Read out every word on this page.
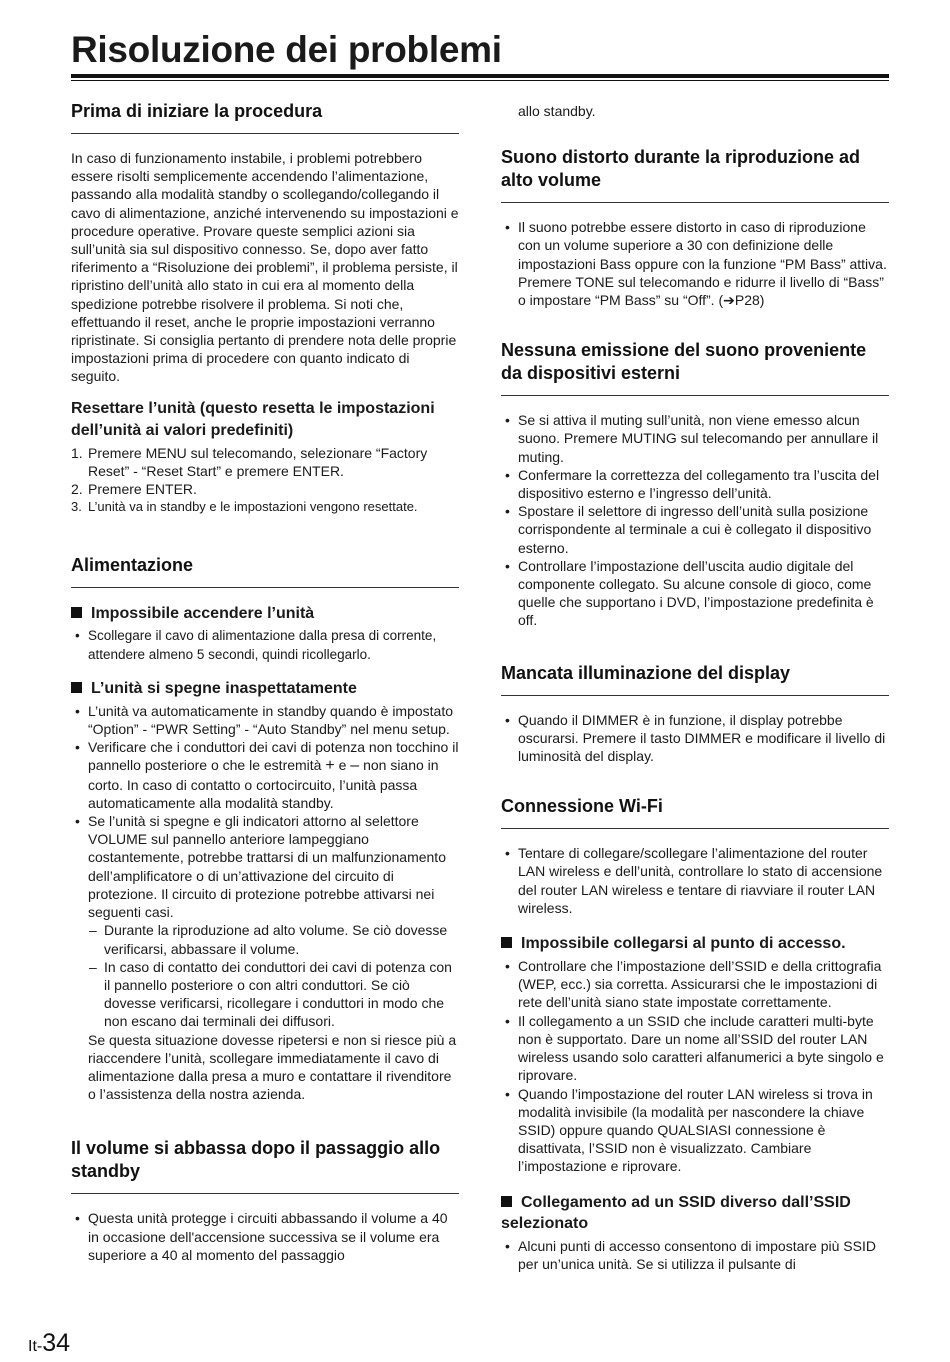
Risoluzione dei problemi
Prima di iniziare la procedura

In caso di funzionamento instabile, i problemi potrebbero essere risolti semplicemente accendendo l’alimentazione, passando alla modalità standby o scollegando/collegando il cavo di alimentazione, anziché intervenendo su impostazioni e procedure operative. Provare queste semplici azioni sia sull’unità sia sul dispositivo connesso. Se, dopo aver fatto riferimento a “Risoluzione dei problemi”, il problema persiste, il ripristino dell’unità allo stato in cui era al momento della spedizione potrebbe risolvere il problema. Si noti che, effettuando il reset, anche le proprie impostazioni verranno ripristinate. Si consiglia pertanto di prendere nota delle proprie impostazioni prima di procedere con quanto indicato di seguito.

Resettare l’unità (questo resetta le impostazioni dell’unità ai valori predefiniti)
1. Premere MENU sul telecomando, selezionare “Factory Reset” - “Reset Start” e premere ENTER.
2. Premere ENTER.
3. L’unità va in standby e le impostazioni vengono resettate.
Alimentazione
Impossibile accendere l’unità
• Scollegare il cavo di alimentazione dalla presa di corrente, attendere almeno 5 secondi, quindi ricollegarlo.
L’unità si spegne inaspettatamente
• L’unità va automaticamente in standby quando è impostato “Option” - “PWR Setting” - “Auto Standby” nel menu setup.
• Verificare che i conduttori dei cavi di potenza non tocchino il pannello posteriore o che le estremità + e – non siano in corto. In caso di contatto o cortocircuito, l’unità passa automaticamente alla modalità standby.
• Se l’unità si spegne e gli indicatori attorno al selettore VOLUME sul pannello anteriore lampeggiano costantemente, potrebbe trattarsi di un malfunzionamento dell’amplificatore o di un’attivazione del circuito di protezione. Il circuito di protezione potrebbe attivarsi nei seguenti casi.
– Durante la riproduzione ad alto volume. Se ciò dovesse verificarsi, abbassare il volume.
– In caso di contatto dei conduttori dei cavi di potenza con il pannello posteriore o con altri conduttori. Se ciò dovesse verificarsi, ricollegare i conduttori in modo che non escano dai terminali dei diffusori.

Se questa situazione dovesse ripetersi e non si riesce più a riaccendere l’unità, scollegare immediatamente il cavo di alimentazione dalla presa a muro e contattare il rivenditore o l’assistenza della nostra azienda.

Il volume si abbassa dopo il passaggio allo standby
• Questa unità protegge i circuiti abbassando il volume a 40 in occasione dell'accensione successiva se il volume era superiore a 40 al momento del passaggio
allo standby.
Suono distorto durante la riproduzione ad alto volume
• Il suono potrebbe essere distorto in caso di riproduzione con un volume superiore a 30 con definizione delle impostazioni Bass oppure con la funzione “PM Bass” attiva. Premere TONE sul telecomando e ridurre il livello di “Bass” o impostare “PM Bass” su “Off”. (➔P28)
Nessuna emissione del suono proveniente da dispositivi esterni
• Se si attiva il muting sull’unità, non viene emesso alcun suono. Premere MUTING sul telecomando per annullare il muting.
• Confermare la correttezza del collegamento tra l’uscita del dispositivo esterno e l’ingresso dell’unità.
• Spostare il selettore di ingresso dell’unità sulla posizione corrispondente al terminale a cui è collegato il dispositivo esterno.
• Controllare l’impostazione dell’uscita audio digitale del componente collegato. Su alcune console di gioco, come quelle che supportano i DVD, l’impostazione predefinita è off.
Mancata illuminazione del display
• Quando il DIMMER è in funzione, il display potrebbe oscurarsi. Premere il tasto DIMMER e modificare il livello di luminosità del display.
Connessione Wi-Fi
• Tentare di collegare/scollegare l’alimentazione del router LAN wireless e dell’unità, controllare lo stato di accensione del router LAN wireless e tentare di riavviare il router LAN wireless.
Impossibile collegarsi al punto di accesso.
• Controllare che l’impostazione dell’SSID e della crittografia (WEP, ecc.) sia corretta. Assicurarsi che le impostazioni di rete dell’unità siano state impostate correttamente.
• Il collegamento a un SSID che include caratteri multi-byte non è supportato. Dare un nome all’SSID del router LAN wireless usando solo caratteri alfanumerici a byte singolo e riprovare.
• Quando l’impostazione del router LAN wireless si trova in modalità invisibile (la modalità per nascondere la chiave SSID) oppure quando QUALSIASI connessione è disattivata, l’SSID non è visualizzato. Cambiare l’impostazione e riprovare.
Collegamento ad un SSID diverso dall’SSID selezionato
• Alcuni punti di accesso consentono di impostare più SSID per un’unica unità. Se si utilizza il pulsante di
It-34
